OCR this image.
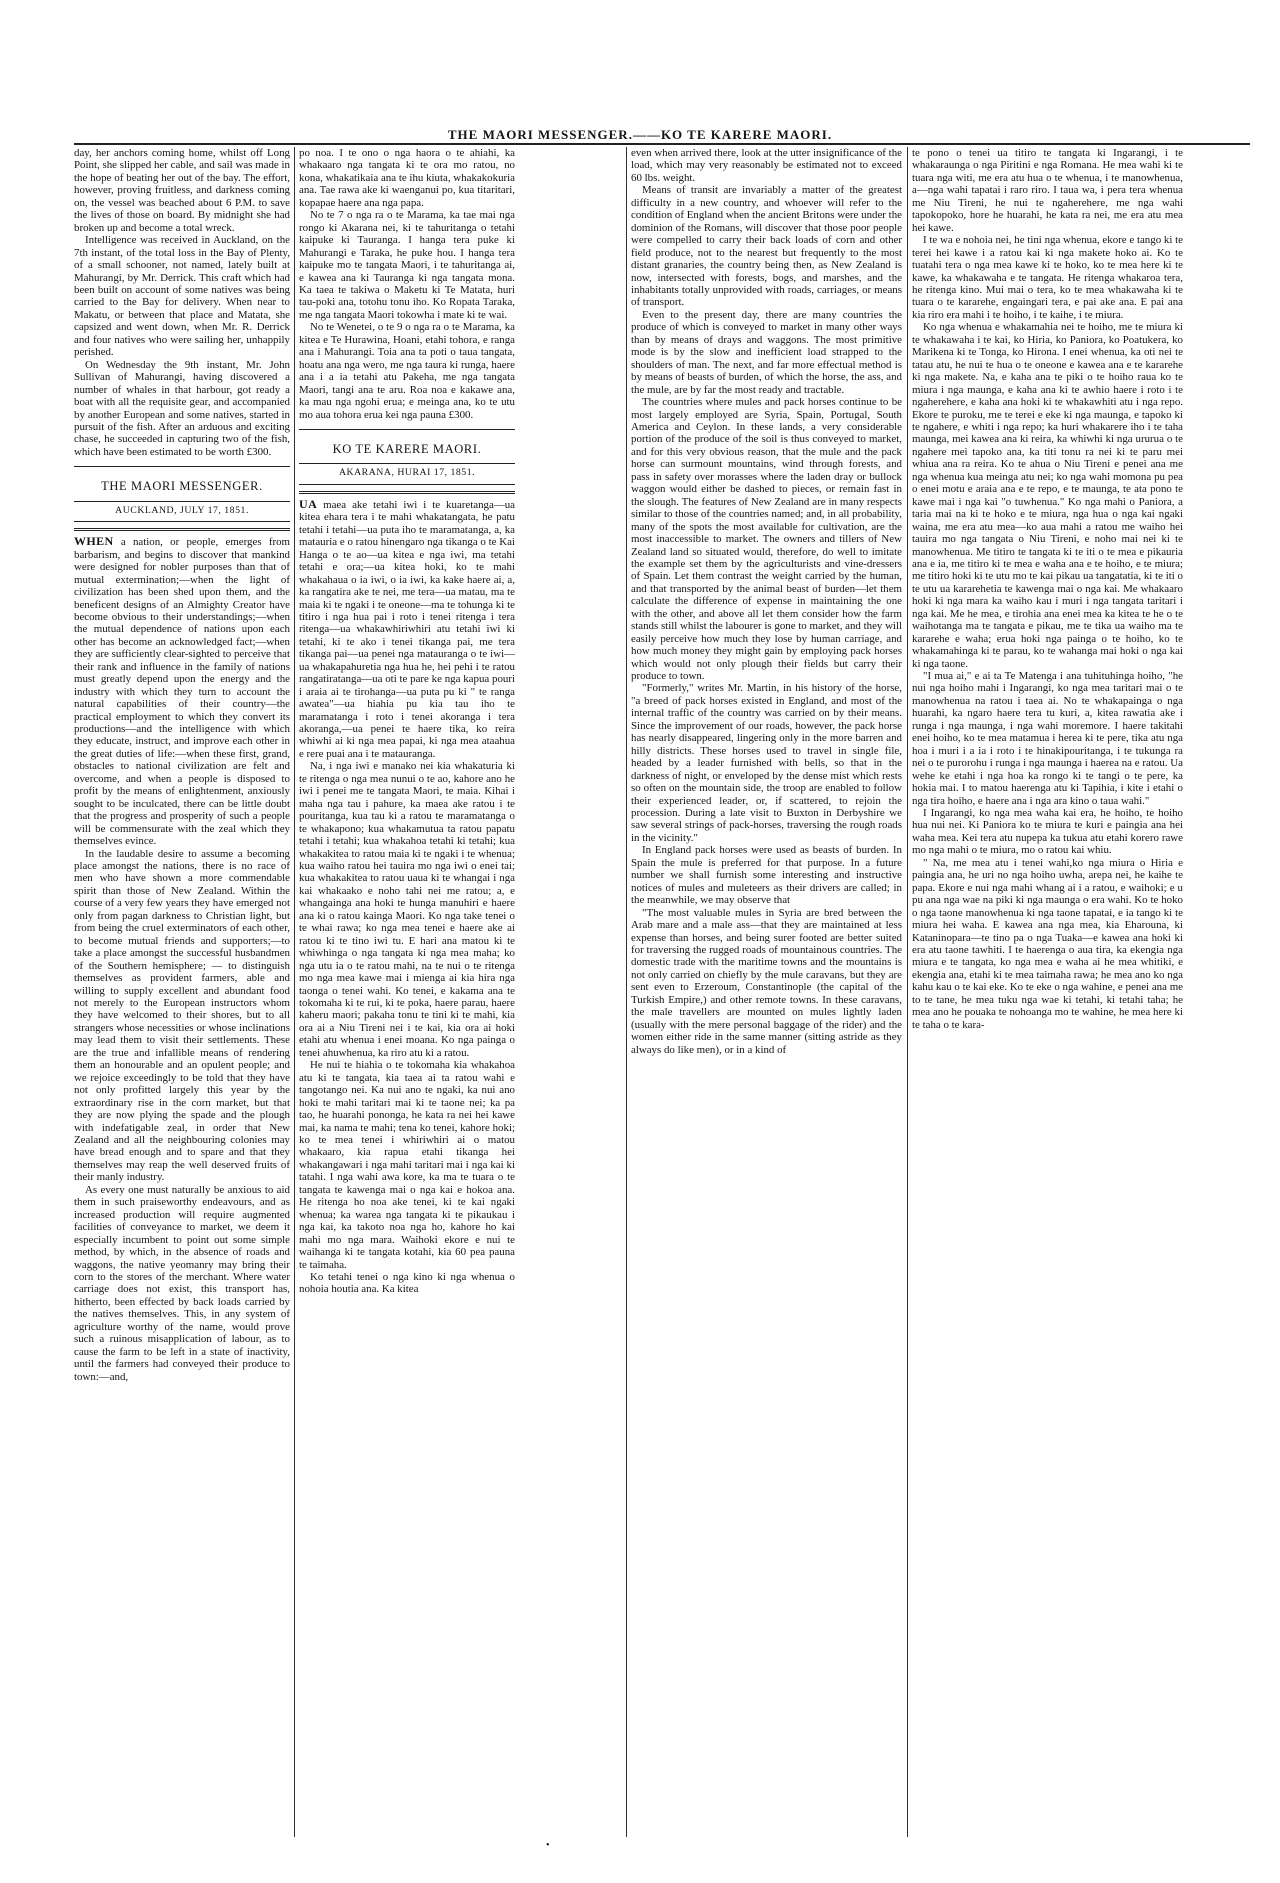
THE MAORI MESSENGER.——KO TE KARERE MAORI.

day, her anchors coming home, whilst off Long Point, she slipped her cable, and sail was made in the hope of beating her out of the bay. The effort, however, proving fruitless, and darkness coming on, the vessel was beached about 6 P.M. to save the lives of those on board. By midnight she had broken up and become a total wreck.

Intelligence was received in Auckland, on the 7th instant, of the total loss in the Bay of Plenty, of a small schooner, not named, lately built at Mahurangi, by Mr. Derrick. This craft which had been built on account of some natives was being carried to the Bay for delivery. When near to Makatu, or between that place and Matata, she capsized and went down, when Mr. R. Derrick and four natives who were sailing her, unhappily perished.

On Wednesday the 9th instant, Mr. John Sullivan of Mahurangi, having discovered a number of whales in that harbour, got ready a boat with all the requisite gear, and accompanied by another European and some natives, started in pursuit of the fish. After an arduous and exciting chase, he succeeded in capturing two of the fish, which have been estimated to be worth £300.

THE MAORI MESSENGER.
AUCKLAND, JULY 17, 1851.

WHEN a nation, or people, emerges from barbarism, and begins to discover that mankind were designed for nobler purposes than that of mutual extermination;—when the light of civilization has been shed upon them, and the beneficent designs of an Almighty Creator have become obvious to their understandings;—when the mutual dependence of nations upon each other has become an acknowledged fact;—when they are sufficiently clear-sighted to perceive that their rank and influence in the family of nations must greatly depend upon the energy and the industry with which they turn to account the natural capabilities of their country—the practical employment to which they convert its productions—and the intelligence with which they educate, instruct, and improve each other in the great duties of life:—when these first, grand, obstacles to national civilization are felt and overcome, and when a people is disposed to profit by the means of enlightenment, anxiously sought to be inculcated, there can be little doubt that the progress and prosperity of such a people will be commensurate with the zeal which they themselves evince.

In the laudable desire to assume a becoming place amongst the nations, there is no race of men who have shown a more commendable spirit than those of New Zealand. Within the course of a very few years they have emerged not only from pagan darkness to Christian light, but from being the cruel exterminators of each other, to become mutual friends and supporters;—to take a place amongst the successful husbandmen of the Southern hemisphere; — to distinguish themselves as provident farmers, able and willing to supply excellent and abundant food not merely to the European instructors whom they have welcomed to their shores, but to all strangers whose necessities or whose inclinations may lead them to visit their settlements. These are the true and infallible means of rendering them an honourable and an opulent people; and we rejoice exceedingly to be told that they have not only profitted largely this year by the extraordinary rise in the corn market, but that they are now plying the spade and the plough with indefatigable zeal, in order that New Zealand and all the neighbouring colonies may have bread enough and to spare and that they themselves may reap the well deserved fruits of their manly industry.

As every one must naturally be anxious to aid them in such praiseworthy endeavours, and as increased production will require augmented facilities of conveyance to market, we deem it especially incumbent to point out some simple method, by which, in the absence of roads and waggons, the native yeomanry may bring their corn to the stores of the merchant. Where water carriage does not exist, this transport has, hitherto, been effected by back loads carried by the natives themselves. This, in any system of agriculture worthy of the name, would prove such a ruinous misapplication of labour, as to cause the farm to be left in a state of inactivity, until the farmers had conveyed their produce to town:—and,

po noa. I te ono o nga haora o te ahiahi, ka whakaaro nga tangata ki te ora mo ratou, no kona, whakatikaia ana te ihu kiuta, whakakokuria ana. Tae rawa ake ki waenganui po, kua titaritari, kopapae haere ana nga papa.

No te 7 o nga ra o te Marama, ka tae mai nga rongo ki Akarana nei, ki te tahuritanga o tetahi kaipuke ki Tauranga. I hanga tera puke ki Mahurangi e Taraka, he puke hou. I hanga tera kaipuke mo te tangata Maori, i te tahuritanga ai, e kawea ana ki Tauranga ki nga tangata mona. Ka taea te takiwa o Maketu ki Te Matata, huri tau-poki ana, totohu tonu iho. Ko Ropata Taraka, me nga tangata Maori tokowha i mate ki te wai.

No te Wenetei, o te 9 o nga ra o te Marama, ka kitea e Te Hurawina, Hoani, etahi tohora, e ranga ana i Mahurangi. Toia ana ta poti o taua tangata, hoatu ana nga wero, me nga taura ki runga, haere ana i a ia tetahi atu Pakeha, me nga tangata Maori, tangi ana te aru. Roa noa e kakawe ana, ka mau nga ngohi erua; e meinga ana, ko te utu mo aua tohora erua kei nga pauna £300.

KO TE KARERE MAORI.
AKARANA, HURAI 17, 1851.

UA maea ake tetahi iwi i te kuaretanga—ua kitea ehara tera i te mahi whakatangata, he patu tetahi i tetahi—ua puta iho te maramatanga, a, ka matauria e o ratou hinengaro nga tikanga o te Kai Hanga o te ao—ua kitea e nga iwi, ma tetahi tetahi e ora;—ua kitea hoki, ko te mahi whakahaua o ia iwi, o ia iwi, ka kake haere ai, a, ka rangatira ake te nei, me tera—ua matau, ma te maia ki te ngaki i te oneone—ma te tohunga ki te titiro i nga hua pai i roto i tenei ritenga i tera ritenga—ua whakawhiriwhiri atu tetahi iwi ki tetahi, ki te ako i tenei tikanga pai, me tera tikanga pai—ua penei nga matauranga o te iwi—ua whakapahuretia nga hua he, hei pehi i te ratou rangatiratanga—ua oti te pare ke nga kapua pouri i araia ai te tirohanga—ua puta pu ki " te ranga awatea"—ua hiahia pu kia tau iho te maramatanga i roto i tenei akoranga i tera akoranga,—ua penei te haere tika, ko reira whiwhi ai ki nga mea papai, ki nga mea ataahua e rere puai ana i te matauranga.

Na, i nga iwi e manako nei kia whakaturia ki te ritenga o nga mea nunui o te ao, kahore ano he iwi i penei me te tangata Maori, te maia. Kihai i maha nga tau i pahure, ka maea ake ratou i te pouritanga, kua tau ki a ratou te maramatanga o te whakapono; kua whakamutua ta ratou papatu tetahi i tetahi; kua whakahoa tetahi ki tetahi; kua whakakitea to ratou maia ki te ngaki i te whenua; kua waiho ratou hei tauira mo nga iwi o enei tai; kua whakakitea to ratou uaua ki te whangai i nga kai whakaako e noho tahi nei me ratou; a, e whangainga ana hoki te hunga manuhiri e haere ana ki o ratou kainga Maori. Ko nga take tenei o te whai rawa; ko nga mea tenei e haere ake ai ratou ki te tino iwi tu. E hari ana matou ki te whiwhinga o nga tangata ki nga mea maha; ko nga utu ia o te ratou mahi, na te nui o te ritenga mo nga mea kawe mai i mienga ai kia hira nga taonga o tenei wahi. Ko tenei, e kakama ana te tokomaha ki te rui, ki te poka, haere parau, haere kaheru maori; pakaha tonu te tini ki te mahi, kia ora ai a Niu Tireni nei i te kai, kia ora ai hoki etahi atu whenua i enei moana. Ko nga painga o tenei ahuwhenua, ka riro atu ki a ratou.

He nui te hiahia o te tokomaha kia whakahoa atu ki te tangata, kia taea ai ta ratou wahi e tangotango nei. Ka nui ano te ngaki, ka nui ano hoki te mahi taritari mai ki te taone nei; ka pa tao, he huarahi pononga, he kata ra nei hei kawe mai, ka nama te mahi; tena ko tenei, kahore hoki; ko te mea tenei i whiriwhiri ai o matou whakaaro, kia rapua etahi tikanga hei whakangawari i nga mahi taritari mai i nga kai ki tatahi. I nga wahi awa kore, ka ma te tuara o te tangata te kawenga mai o nga kai e hokoa ana. He ritenga ho noa ake tenei, ki te kai ngaki whenua; ka warea nga tangata ki te pikaukau i nga kai, ka takoto noa nga ho, kahore ho kai mahi mo nga mara. Waihoki ekore e nui te waihanga ki te tangata kotahi, kia 60 pea pauna te taimaha.

Ko tetahi tenei o nga kino ki nga whenua o nohoia houtia ana. Ka kitea

even when arrived there, look at the utter insignificance of the load, which may very reasonably be estimated not to exceed 60 lbs. weight.

Means of transit are invariably a matter of the greatest difficulty in a new country, and whoever will refer to the condition of England when the ancient Britons were under the dominion of the Romans, will discover that those poor people were compelled to carry their back loads of corn and other field produce, not to the nearest but frequently to the most distant granaries, the country being then, as New Zealand is now, intersected with forests, bogs, and marshes, and the inhabitants totally unprovided with roads, carriages, or means of transport.

Even to the present day, there are many countries the produce of which is conveyed to market in many other ways than by means of drays and waggons. The most primitive mode is by the slow and inefficient load strapped to the shoulders of man. The next, and far more effectual method is by means of beasts of burden, of which the horse, the ass, and the mule, are by far the most ready and tractable.

The countries where mules and pack horses continue to be most largely employed are Syria, Spain, Portugal, South America and Ceylon. In these lands, a very considerable portion of the produce of the soil is thus conveyed to market, and for this very obvious reason, that the mule and the pack horse can surmount mountains, wind through forests, and pass in safety over morasses where the laden dray or bullock waggon would either be dashed to pieces, or remain fast in the slough. The features of New Zealand are in many respects similar to those of the countries named; and, in all probability, many of the spots the most available for cultivation, are the most inaccessible to market. The owners and tillers of New Zealand land so situated would, therefore, do well to imitate the example set them by the agriculturists and vine-dressers of Spain. Let them contrast the weight carried by the human, and that transported by the animal beast of burden—let them calculate the difference of expense in maintaining the one with the other, and above all let them consider how the farm stands still whilst the labourer is gone to market, and they will easily perceive how much they lose by human carriage, and how much money they might gain by employing pack horses which would not only plough their fields but carry their produce to town.

"Formerly," writes Mr. Martin, in his history of the horse, "a breed of pack horses existed in England, and most of the internal traffic of the country was carried on by their means. Since the improvement of our roads, however, the pack horse has nearly disappeared, lingering only in the more barren and hilly districts. These horses used to travel in single file, headed by a leader furnished with bells, so that in the darkness of night, or enveloped by the dense mist which rests so often on the mountain side, the troop are enabled to follow their experienced leader, or, if scattered, to rejoin the procession. During a late visit to Buxton in Derbyshire we saw several strings of pack-horses, traversing the rough roads in the vicinity."

In England pack horses were used as beasts of burden. In Spain the mule is preferred for that purpose. In a future number we shall furnish some interesting and instructive notices of mules and muleteers as their drivers are called; in the meanwhile, we may observe that

"The most valuable mules in Syria are bred between the Arab mare and a male ass—that they are maintained at less expense than horses, and being surer footed are better suited for traversing the rugged roads of mountainous countries. The domestic trade with the maritime towns and the mountains is not only carried on chiefly by the mule caravans, but they are sent even to Erzeroum, Constantinople (the capital of the Turkish Empire,) and other remote towns. In these caravans, the male travellers are mounted on mules lightly laden (usually with the mere personal baggage of the rider) and the women either ride in the same manner (sitting astride as they always do like men), or in a kind of

te pono o tenei ua titiro te tangata ki Ingarangi, i te whakaraunga o nga Piritini e nga Romana. He mea wahi ki te tuara nga witi, me era atu hua o te whenua, i te manowhenua, a—nga wahi tapatai i raro riro. I taua wa, i pera tera whenua me Niu Tireni, he nui te ngaherehere, me nga wahi tapokopoko, hore he huarahi, he kata ra nei, me era atu mea hei kawe.

I te wa e nohoia nei, he tini nga whenua, ekore e tango ki te terei hei kawe i a ratou kai ki nga makete hoko ai. Ko te tuatahi tera o nga mea kawe ki te hoko, ko te mea here ki te kawe, ka whakawaha e te tangata. He ritenga whakaroa tera, he ritenga kino. Mui mai o tera, ko te mea whakawaha ki te tuara o te kararehe, engaingari tera, e pai ake ana. E pai ana kia riro era mahi i te hoiho, i te kaihe, i te miura.

Ko nga whenua e whakamahia nei te hoiho, me te miura ki te whakawaha i te kai, ko Hiria, ko Paniora, ko Poatukera, ko Marikena ki te Tonga, ko Hirona. I enei whenua, ka oti nei te tatau atu, he nui te hua o te oneone e kawea ana e te kararehe ki nga makete. Na, e kaha ana te piki o te hoiho raua ko te miura i nga maunga, e kaha ana ki te awhio haere i roto i te ngaherehere, e kaha ana hoki ki te whakawhiti atu i nga repo. Ekore te puroku, me te terei e eke ki nga maunga, e tapoko ki te ngahere, e whiti i nga repo; ka huri whakarere iho i te taha maunga, mei kawea ana ki reira, ka whiwhi ki nga ururua o te ngahere mei tapoko ana, ka titi tonu ra nei ki te paru mei whiua ana ra reira. Ko te ahua o Niu Tireni e penei ana me nga whenua kua meinga atu nei; ko nga wahi momona pu pea o enei motu e araia ana e te repo, e te maunga, te ata pono te kawe mai i nga kai "o tuwhenua." Ko nga mahi o Paniora, a taria mai na ki te hoko e te miura, nga hua o nga kai ngaki waina, me era atu mea—ko aua mahi a ratou me waiho hei tauira mo nga tangata o Niu Tireni, e noho mai nei ki te manowhenua. Me titiro te tangata ki te iti o te mea e pikauria ana e ia, me titiro ki te mea e waha ana e te hoiho, e te miura; me titiro hoki ki te utu mo te kai pikau ua tangatatia, ki te iti o te utu ua kararehetia te kawenga mai o nga kai. Me whakaaro hoki ki nga mara ka waiho kau i muri i nga tangata taritari i nga kai. Me he mea, e tirohia ana enei mea ka kitea te he o te waihotanga ma te tangata e pikau, me te tika ua waiho ma te kararehe e waha; erua hoki nga painga o te hoiho, ko te whakamahinga ki te parau, ko te wahanga mai hoki o nga kai ki nga taone.

"I mua ai," e ai ta Te Matenga i ana tuhituhinga hoiho, "he nui nga hoiho mahi i Ingarangi, ko nga mea taritari mai o te manowhenua na ratou i taea ai. No te whakapainga o nga huarahi, ka ngaro haere tera tu kuri, a, kitea rawatia ake i runga i nga maunga, i nga wahi moremore. I haere takitahi enei hoiho, ko te mea matamua i herea ki te pere, tika atu nga hoa i muri i a ia i roto i te hinakipouritanga, i te tukunga ra nei o te purorohu i runga i nga maunga i haerea na e ratou. Ua wehe ke etahi i nga hoa ka rongo ki te tangi o te pere, ka hokia mai. I to matou haerenga atu ki Tapihia, i kite i etahi o nga tira hoiho, e haere ana i nga ara kino o taua wahi."

I Ingarangi, ko nga mea waha kai era, he hoiho, te hoiho hua nui nei. Ki Paniora ko te miura te kuri e paingia ana hei waha mea. Kei tera atu nupepa ka tukua atu etahi korero rawe mo nga mahi o te miura, mo o ratou kai whiu.

" Na, me mea atu i tenei wahi,ko nga miura o Hiria e paingia ana, he uri no nga hoiho uwha, arepa nei, he kaihe te papa. Ekore e nui nga mahi whang ai i a ratou, e waihoki; e u pu ana nga wae na piki ki nga maunga o era wahi. Ko te hoko o nga taone manowhenua ki nga taone tapatai, e ia tango ki te miura hei waha. E kawea ana nga mea, kia Eharouna, ki Kataninopara—te tino pa o nga Tuaka—e kawea ana hoki ki era atu taone tawhiti. I te haerenga o aua tira, ka ekengia nga miura e te tangata, ko nga mea e waha ai he mea whitiki, e ekengia ana, etahi ki te mea taimaha rawa; he mea ano ko nga kahu kau o te kai eke. Ko te eke o nga wahine, e penei ana me to te tane, he mea tuku nga wae ki tetahi, ki tetahi taha; he mea ano he pouaka te nohoanga mo te wahine, he mea here ki te taha o te kara-

•
